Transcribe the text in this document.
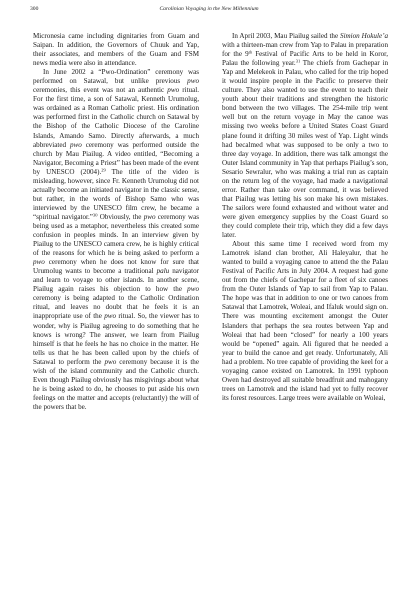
300	Carolinian Voyaging in the New Millennium

Micronesia came including dignitaries from Guam and Saipan. In addition, the Governors of Chuuk and Yap, their associates, and members of the Guam and FSM news media were also in attendance.

In June 2002 a “Pwo-Ordination” ceremony was performed on Satawal, but unlike previous pwo ceremonies, this event was not an authentic pwo ritual. For the first time, a son of Satawal, Kenneth Urumolug, was ordained as a Roman Catholic priest. His ordination was performed first in the Catholic church on Satawal by the Bishop of the Catholic Diocese of the Caroline Islands, Amando Samo. Directly afterwards, a much abbreviated pwo ceremony was performed outside the church by Mau Piailug. A video entitled, “Becoming a Navigator, Becoming a Priest” has been made of the event by UNESCO (2004).$^{29}$ The title of the video is misleading, however, since Fr. Kenneth Urumolug did not actually become an initiated navigator in the classic sense, but rather, in the words of Bishop Samo who was interviewed by the UNESCO film crew, he became a “spiritual navigator.”$^{30}$ Obviously, the pwo ceremony was being used as a metaphor, nevertheless this created some confusion in peoples minds. In an interview given by Piailug to the UNESCO camera crew, he is highly critical of the reasons for which he is being asked to perform a pwo ceremony when he does not know for sure that Urumolug wants to become a traditional palu navigator and learn to voyage to other islands. In another scene, Piailug again raises his objection to how the pwo ceremony is being adapted to the Catholic Ordination ritual, and leaves no doubt that he feels it is an inappropriate use of the pwo ritual. So, the viewer has to wonder, why is Piailug agreeing to do something that he knows is wrong? The answer, we learn from Piailug himself is that he feels he has no choice in the matter. He tells us that he has been called upon by the chiefs of Satawal to perform the pwo ceremony because it is the wish of the island community and the Catholic church. Even though Piailug obviously has misgivings about what he is being asked to do, he chooses to put aside his own feelings on the matter and accepts (reluctantly) the will of the powers that be.

In April 2003, Mau Piailug sailed the Simion Hokule’a with a thirteen-man crew from Yap to Palau in preparation for the 9th Festival of Pacific Arts to be held in Koror, Palau the following year.$^{31}$ The chiefs from Gachepar in Yap and Melekeok in Palau, who called for the trip hoped it would inspire people in the Pacific to preserve their culture. They also wanted to use the event to teach their youth about their traditions and strengthen the historic bond between the two villages. The 254-mile trip went well but on the return voyage in May the canoe was missing two weeks before a United States Coast Guard plane found it drifting 30 miles west of Yap. Light winds had becalmed what was supposed to be only a two to three day voyage. In addition, there was talk amongst the Outer Island community in Yap that perhaps Piailug’s son, Sesario Sewralur, who was making a trial run as captain on the return leg of the voyage, had made a navigational error. Rather than take over command, it was believed that Piailug was letting his son make his own mistakes. The sailors were found exhausted and without water and were given emergency supplies by the Coast Guard so they could complete their trip, which they did a few days later.

About this same time I received word from my Lamotrek island clan brother, Ali Haleyalur, that he wanted to build a voyaging canoe to attend the the Palau Festival of Pacific Arts in July 2004. A request had gone out from the chiefs of Gachepar for a fleet of six canoes from the Outer Islands of Yap to sail from Yap to Palau. The hope was that in addition to one or two canoes from Satawal that Lamotrek, Woleai, and Ifaluk would sign on. There was mounting excitement amongst the Outer Islanders that perhaps the sea routes between Yap and Woleai that had been “closed” for nearly a 100 years would be “opened” again. Ali figured that he needed a year to build the canoe and get ready. Unfortunately, Ali had a problem. No tree capable of providing the keel for a voyaging canoe existed on Lamotrek. In 1991 typhoon Owen had destroyed all suitable breadfruit and mahogany trees on Lamotrek and the island had yet to fully recover its forest resources. Large trees were available on Woleai,
